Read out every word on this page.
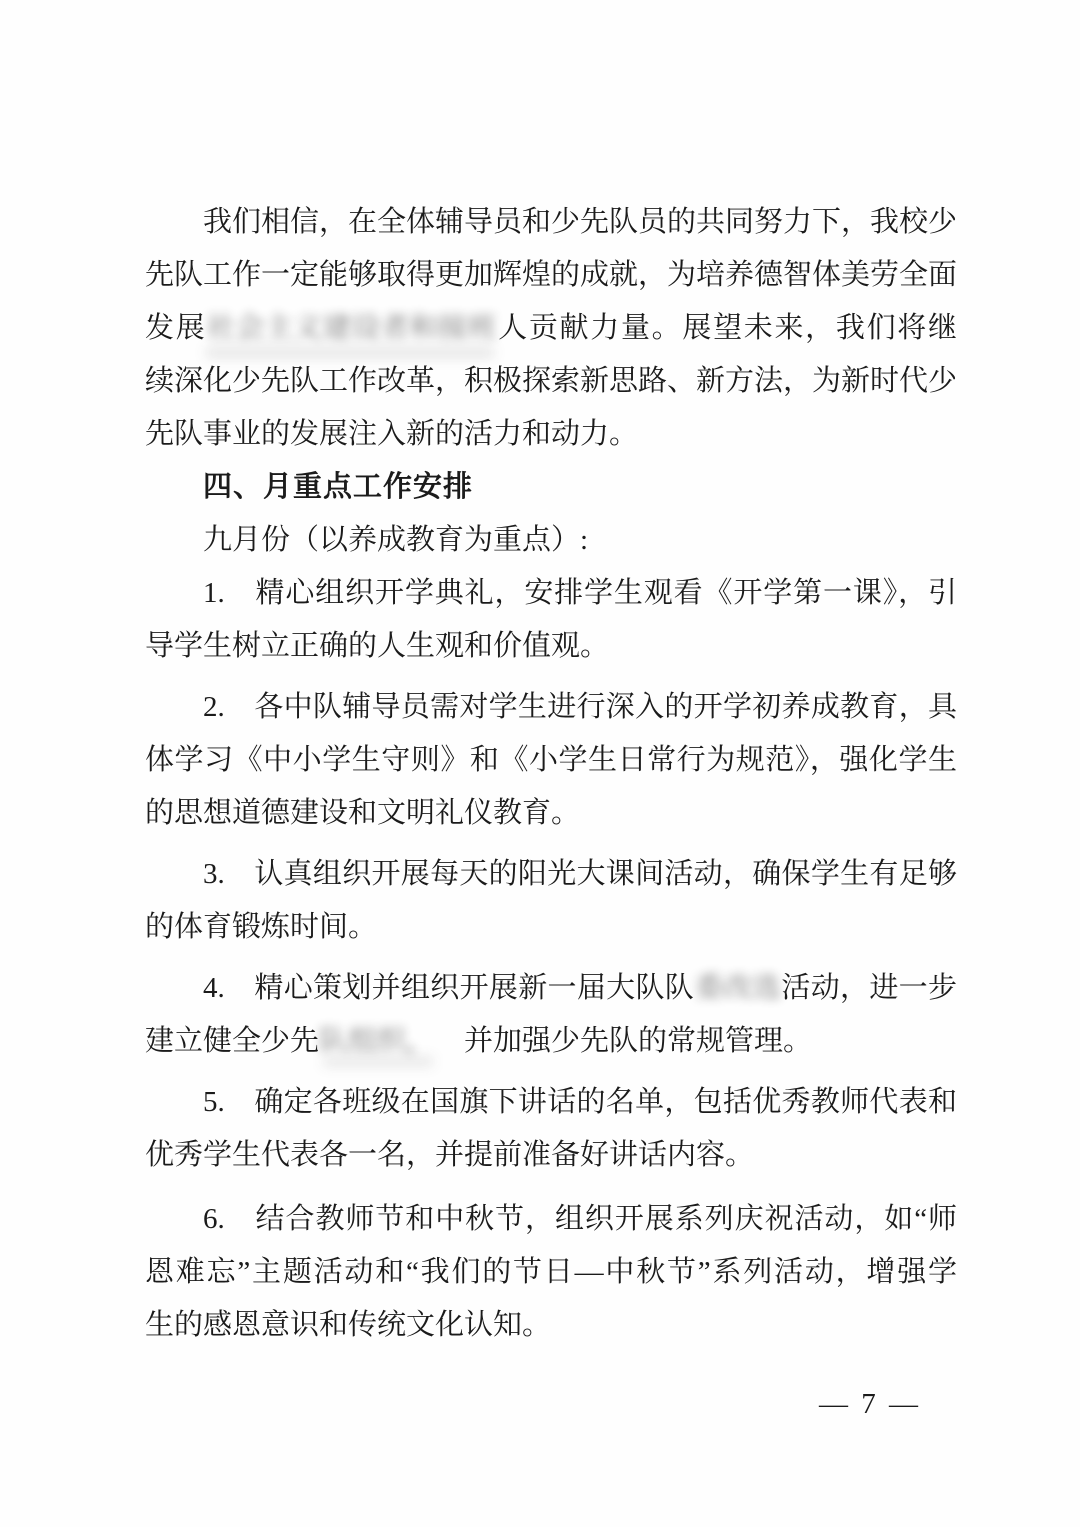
我们相信，在全体辅导员和少先队员的共同努力下，我校少
先队工作一定能够取得更加辉煌的成就，为培养德智体美劳全面
发展社会主义建设者和接班人贡献力量。展望未来，我们将继
续深化少先队工作改革，积极探索新思路、新方法，为新时代少
先队事业的发展注入新的活力和动力。
四、月重点工作安排
九月份（以养成教育为重点）:
1.　精心组织开学典礼，安排学生观看《开学第一课》，引
导学生树立正确的人生观和价值观。
2.　各中队辅导员需对学生进行深入的开学初养成教育，具
体学习《中小学生守则》和《小学生日常行为规范》，强化学生
的思想道德建设和文明礼仪教育。
3.　认真组织开展每天的阳光大课间活动，确保学生有足够
的体育锻炼时间。
4.　精心策划并组织开展新一届大队队委改选活动，进一步
建立健全少先队组织，　并加强少先队的常规管理。
5.　确定各班级在国旗下讲话的名单，包括优秀教师代表和
优秀学生代表各一名，并提前准备好讲话内容。
6.　结合教师节和中秋节，组织开展系列庆祝活动，如“师
恩难忘”主题活动和“我们的节日—中秋节”系列活动，增强学
生的感恩意识和传统文化认知。
— 7 —
